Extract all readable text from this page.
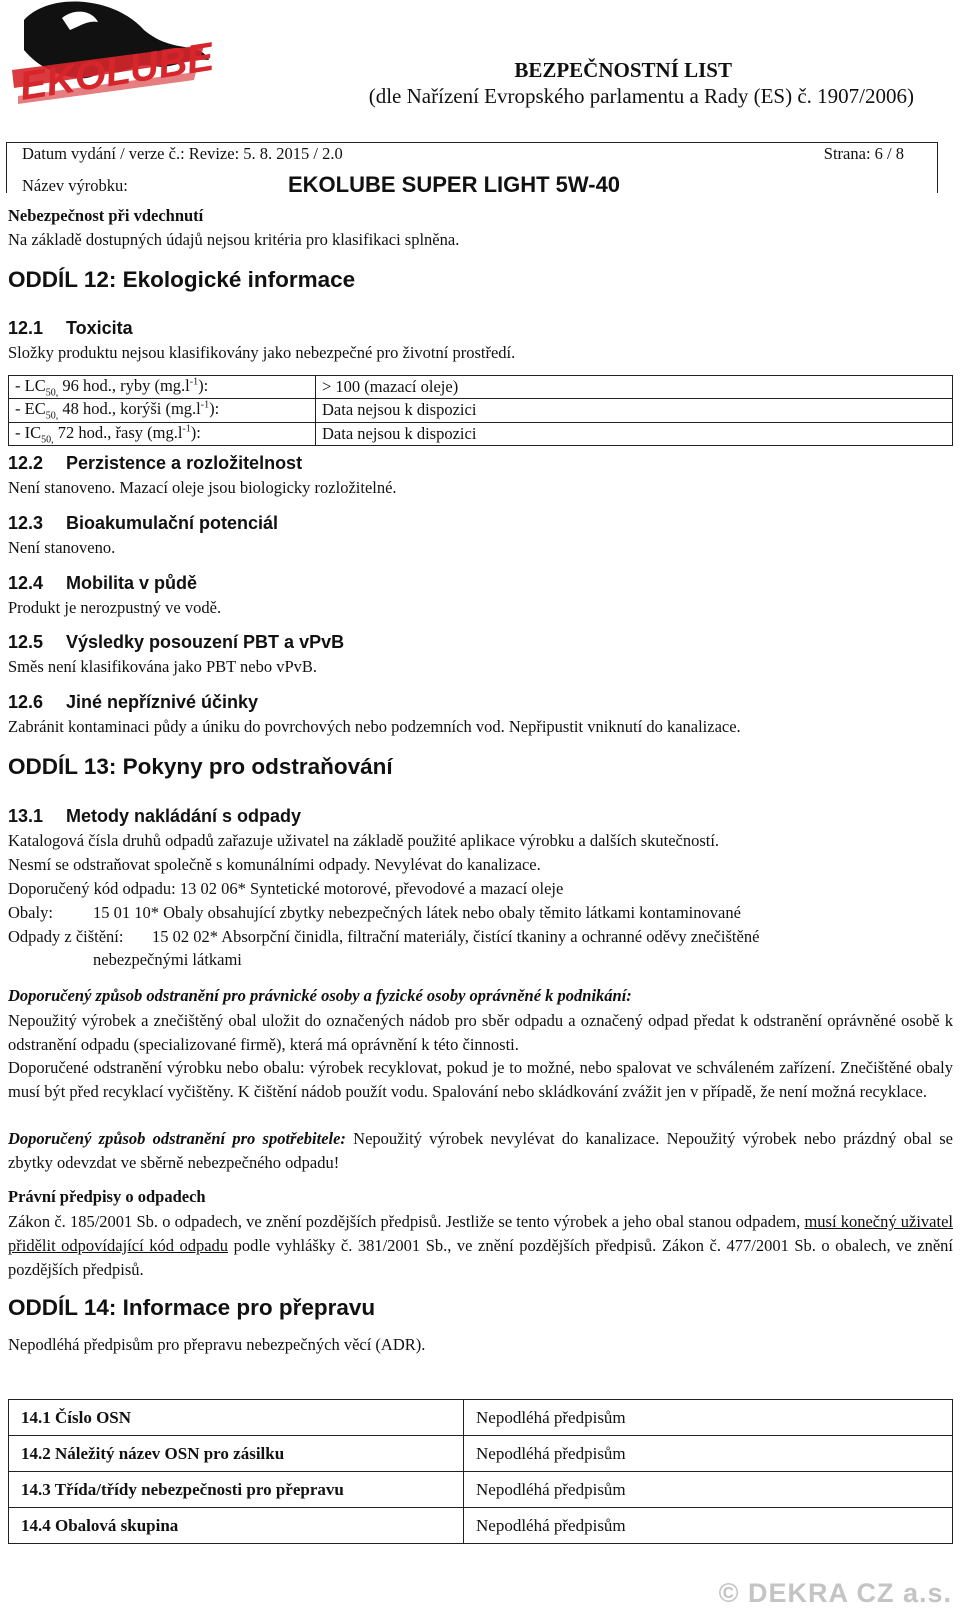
EKOLUBE	BEZPEČNOSTNÍ LIST
(dle Nařízení Evropského parlamentu a Rady (ES) č. 1907/2006)
Datum vydání / verze č.: Revize: 5. 8. 2015 / 2.0	Strana: 6 / 8
Název výrobku:	EKOLUBE SUPER LIGHT 5W-40
Nebezpečnost při vdechnutí
Na základě dostupných údajů nejsou kritéria pro klasifikaci splněna.
ODDÍL 12: Ekologické informace
12.1 Toxicita
Složky produktu nejsou klasifikovány jako nebezpečné pro životní prostředí.
- $LC_{50,}$ 96 hod., ryby $(mg.l^{-1})$:	> 100 (mazací oleje)
- $EC_{50,}$ 48 hod., korýši $(mg.l^{-1})$:	Data nejsou k dispozici
- $IC_{50,}$ 72 hod., řasy $(mg.l^{-1})$:	Data nejsou k dispozici
12.2 Perzistence a rozložitelnost
Není stanoveno. Mazací oleje jsou biologicky rozložitelné.
12.3 Bioakumulační potenciál
Není stanoveno.
12.4 Mobilita v půdě
Produkt je nerozpustný ve vodě.
12.5 Výsledky posouzení PBT a vPvB
Směs není klasifikována jako PBT nebo vPvB.
12.6 Jiné nepříznivé účinky
Zabránit kontaminaci půdy a úniku do povrchových nebo podzemních vod. Nepřipustit vniknutí do kanalizace.
ODDÍL 13: Pokyny pro odstraňování
13.1 Metody nakládání s odpady
Katalogová čísla druhů odpadů zařazuje uživatel na základě použité aplikace výrobku a dalších skutečností.
Nesmí se odstraňovat společně s komunálními odpady. Nevylévat do kanalizace.
Doporučený kód odpadu: 13 02 06* Syntetické motorové, převodové a mazací oleje
Obaly: 15 01 10* Obaly obsahující zbytky nebezpečných látek nebo obaly těmito látkami kontaminované
Odpady z čištění: 15 02 02* Absorpční činidla, filtrační materiály, čistící tkaniny a ochranné oděvy znečištěné
nebezpečnými látkami
Doporučený způsob odstranění pro právnické osoby a fyzické osoby oprávněné k podnikání:
Nepoužitý výrobek a znečištěný obal uložit do označených nádob pro sběr odpadu a označený odpad předat k odstranění oprávněné osobě k odstranění odpadu (specializované firmě), která má oprávnění k této činnosti.
Doporučené odstranění výrobku nebo obalu: výrobek recyklovat, pokud je to možné, nebo spalovat ve schváleném zařízení. Znečištěné obaly musí být před recyklací vyčištěny. K čištění nádob použít vodu. Spalování nebo skládkování zvážit jen v případě, že není možná recyklace.
Doporučený způsob odstranění pro spotřebitele: Nepoužitý výrobek nevylévat do kanalizace. Nepoužitý výrobek nebo prázdný obal se zbytky odevzdat ve sběrně nebezpečného odpadu!
Právní předpisy o odpadech
Zákon č. 185/2001 Sb. o odpadech, ve znění pozdějších předpisů. Jestliže se tento výrobek a jeho obal stanou odpadem, musí konečný uživatel přidělit odpovídající kód odpadu podle vyhlášky č. 381/2001 Sb., ve znění pozdějších předpisů. Zákon č. 477/2001 Sb. o obalech, ve znění pozdějších předpisů.
ODDÍL 14: Informace pro přepravu
Nepodléhá předpisům pro přepravu nebezpečných věcí (ADR).
14.1 Číslo OSN	Nepodléhá předpisům
14.2 Náležitý název OSN pro zásilku	Nepodléhá předpisům
14.3 Třída/třídy nebezpečnosti pro přepravu	Nepodléhá předpisům
14.4 Obalová skupina	Nepodléhá předpisům
© DEKRA CZ a.s.
